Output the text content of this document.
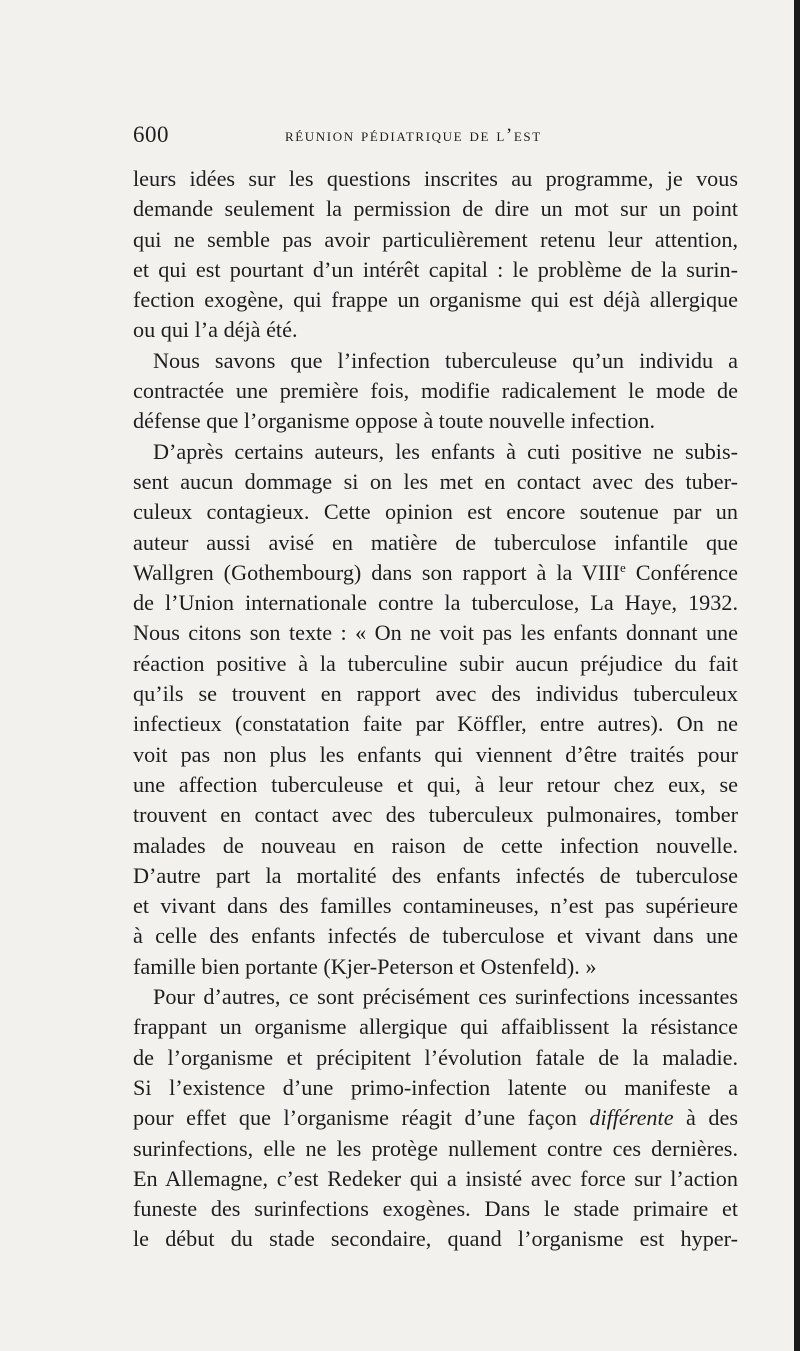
600	réunion pédiatrique de l’est
leurs idées sur les questions inscrites au programme, je vous
demande seulement la permission de dire un mot sur un point
qui ne semble pas avoir particulièrement retenu leur attention,
et qui est pourtant d’un intérêt capital : le problème de la surin-
fection exogène, qui frappe un organisme qui est déjà allergique
ou qui l’a déjà été.
Nous savons que l’infection tuberculeuse qu’un individu a
contractée une première fois, modifie radicalement le mode de
défense que l’organisme oppose à toute nouvelle infection.
D’après certains auteurs, les enfants à cuti positive ne subis-
sent aucun dommage si on les met en contact avec des tuber-
culeux contagieux. Cette opinion est encore soutenue par un
auteur aussi avisé en matière de tuberculose infantile que
Wallgren (Gothembourg) dans son rapport à la VIIIe Conférence
de l’Union internationale contre la tuberculose, La Haye, 1932.
Nous citons son texte : « On ne voit pas les enfants donnant une
réaction positive à la tuberculine subir aucun préjudice du fait
qu’ils se trouvent en rapport avec des individus tuberculeux
infectieux (constatation faite par Köffler, entre autres). On ne
voit pas non plus les enfants qui viennent d’être traités pour
une affection tuberculeuse et qui, à leur retour chez eux, se
trouvent en contact avec des tuberculeux pulmonaires, tomber
malades de nouveau en raison de cette infection nouvelle.
D’autre part la mortalité des enfants infectés de tuberculose
et vivant dans des familles contamineuses, n’est pas supérieure
à celle des enfants infectés de tuberculose et vivant dans une
famille bien portante (Kjer-Peterson et Ostenfeld). »
Pour d’autres, ce sont précisément ces surinfections incessantes
frappant un organisme allergique qui affaiblissent la résistance
de l’organisme et précipitent l’évolution fatale de la maladie.
Si l’existence d’une primo-infection latente ou manifeste a
pour effet que l’organisme réagit d’une façon différente à des
surinfections, elle ne les protège nullement contre ces dernières.
En Allemagne, c’est Redeker qui a insisté avec force sur l’action
funeste des surinfections exogènes. Dans le stade primaire et
le début du stade secondaire, quand l’organisme est hyper-
